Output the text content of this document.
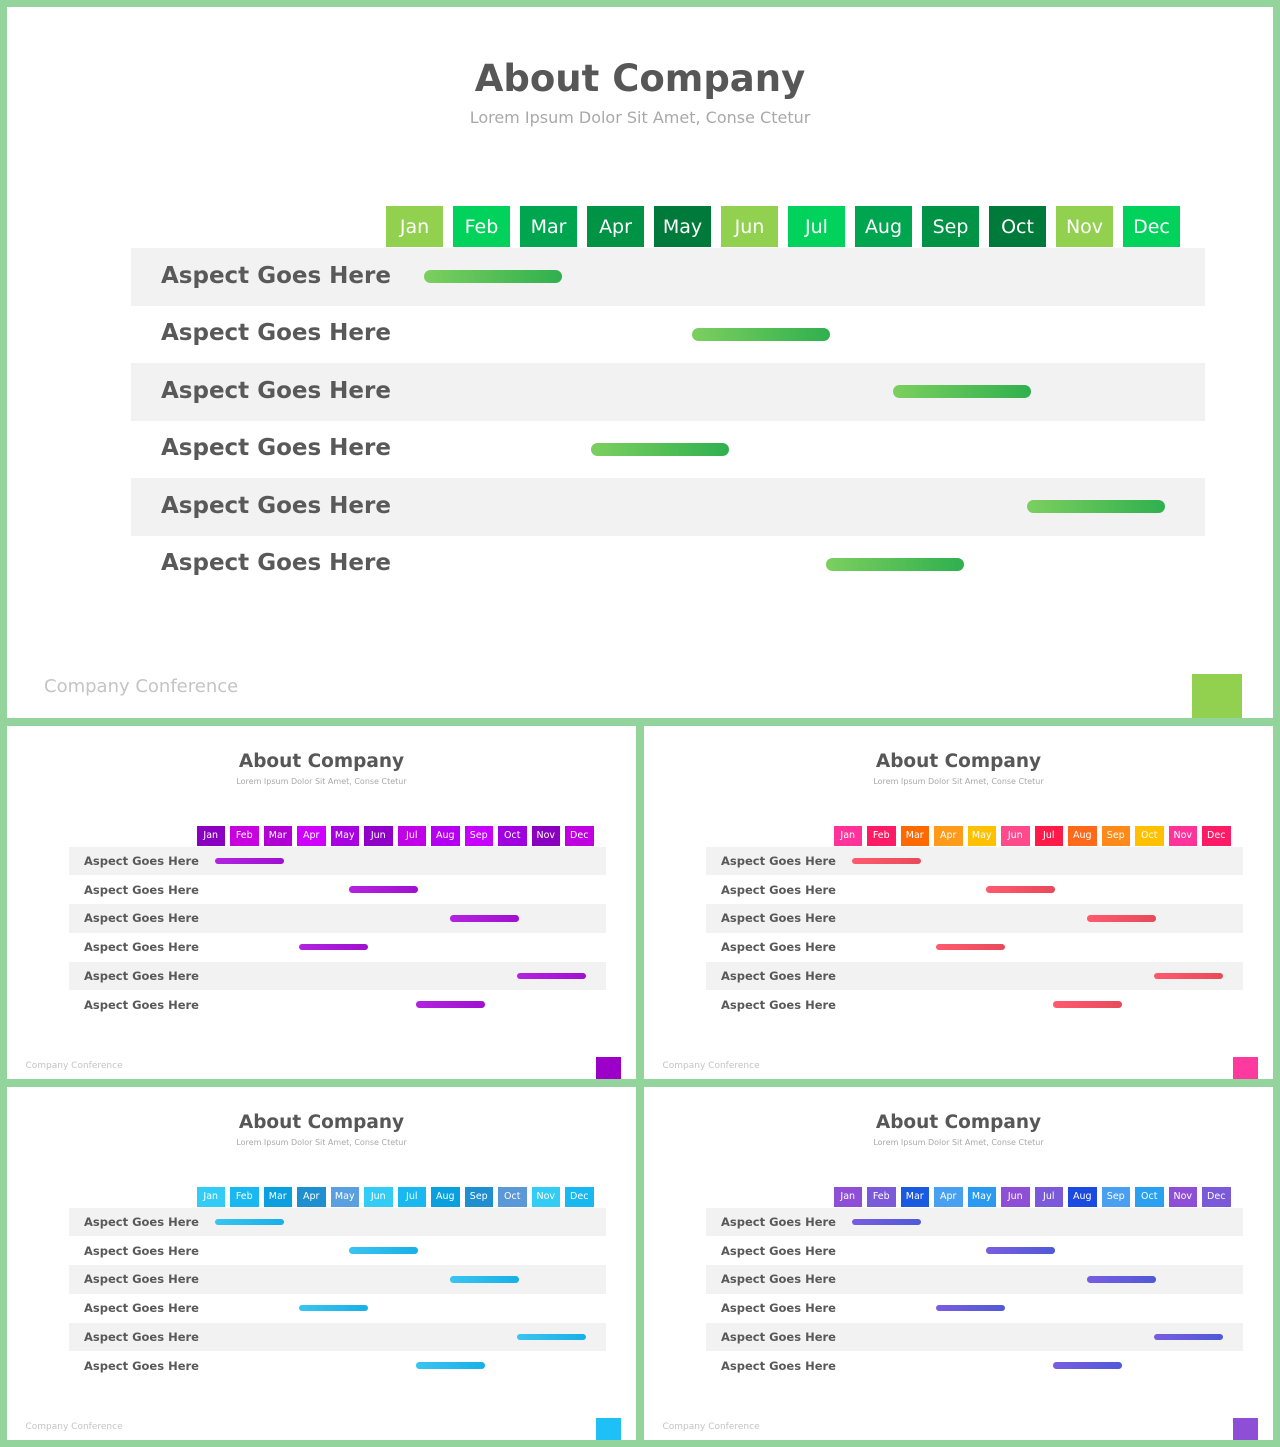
About Company

Lorem Ipsum Dolor Sit Amet, Conse Ctetur

Jan	Feb	Mar	Apr	May	Jun	Jul	Aug	Sep	Oct	Nov	Dec
Aspect Goes Here
Aspect Goes Here
Aspect Goes Here
Aspect Goes Here
Aspect Goes Here
Aspect Goes Here
Company Conference
About Company

Lorem Ipsum Dolor Sit Amet, Conse Ctetur

Jan	Feb	Mar	Apr	May	Jun	Jul	Aug	Sep	Oct	Nov	Dec
Aspect Goes Here
Aspect Goes Here
Aspect Goes Here
Aspect Goes Here
Aspect Goes Here
Aspect Goes Here
Company Conference
About Company

Lorem Ipsum Dolor Sit Amet, Conse Ctetur

Jan	Feb	Mar	Apr	May	Jun	Jul	Aug	Sep	Oct	Nov	Dec
Aspect Goes Here
Aspect Goes Here
Aspect Goes Here
Aspect Goes Here
Aspect Goes Here
Aspect Goes Here
Company Conference
About Company

Lorem Ipsum Dolor Sit Amet, Conse Ctetur

Jan	Feb	Mar	Apr	May	Jun	Jul	Aug	Sep	Oct	Nov	Dec
Aspect Goes Here
Aspect Goes Here
Aspect Goes Here
Aspect Goes Here
Aspect Goes Here
Aspect Goes Here
Company Conference
About Company

Lorem Ipsum Dolor Sit Amet, Conse Ctetur

Jan	Feb	Mar	Apr	May	Jun	Jul	Aug	Sep	Oct	Nov	Dec
Aspect Goes Here
Aspect Goes Here
Aspect Goes Here
Aspect Goes Here
Aspect Goes Here
Aspect Goes Here
Company Conference
